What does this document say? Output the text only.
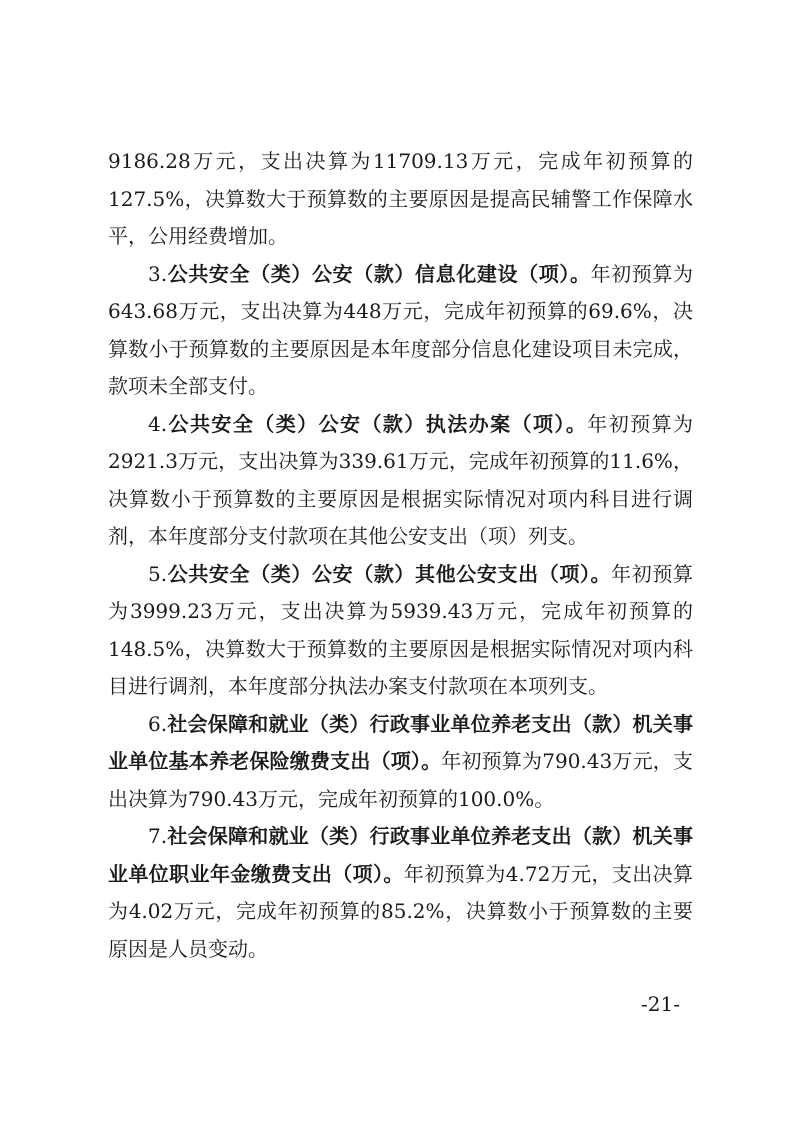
9186.28万元，支出决算为11709.13万元，完成年初预算的127.5%，决算数大于预算数的主要原因是提高民辅警工作保障水平，公用经费增加。

3.公共安全（类）公安（款）信息化建设（项）。年初预算为643.68万元，支出决算为448万元，完成年初预算的69.6%，决算数小于预算数的主要原因是本年度部分信息化建设项目未完成，款项未全部支付。

4.公共安全（类）公安（款）执法办案（项）。年初预算为2921.3万元，支出决算为339.61万元，完成年初预算的11.6%，决算数小于预算数的主要原因是根据实际情况对项内科目进行调剂，本年度部分支付款项在其他公安支出（项）列支。

5.公共安全（类）公安（款）其他公安支出（项）。年初预算为3999.23万元，支出决算为5939.43万元，完成年初预算的148.5%，决算数大于预算数的主要原因是根据实际情况对项内科目进行调剂，本年度部分执法办案支付款项在本项列支。

6.社会保障和就业（类）行政事业单位养老支出（款）机关事业单位基本养老保险缴费支出（项）。年初预算为790.43万元，支出决算为790.43万元，完成年初预算的100.0%。

7.社会保障和就业（类）行政事业单位养老支出（款）机关事业单位职业年金缴费支出（项）。年初预算为4.72万元，支出决算为4.02万元，完成年初预算的85.2%，决算数小于预算数的主要原因是人员变动。

-21-
